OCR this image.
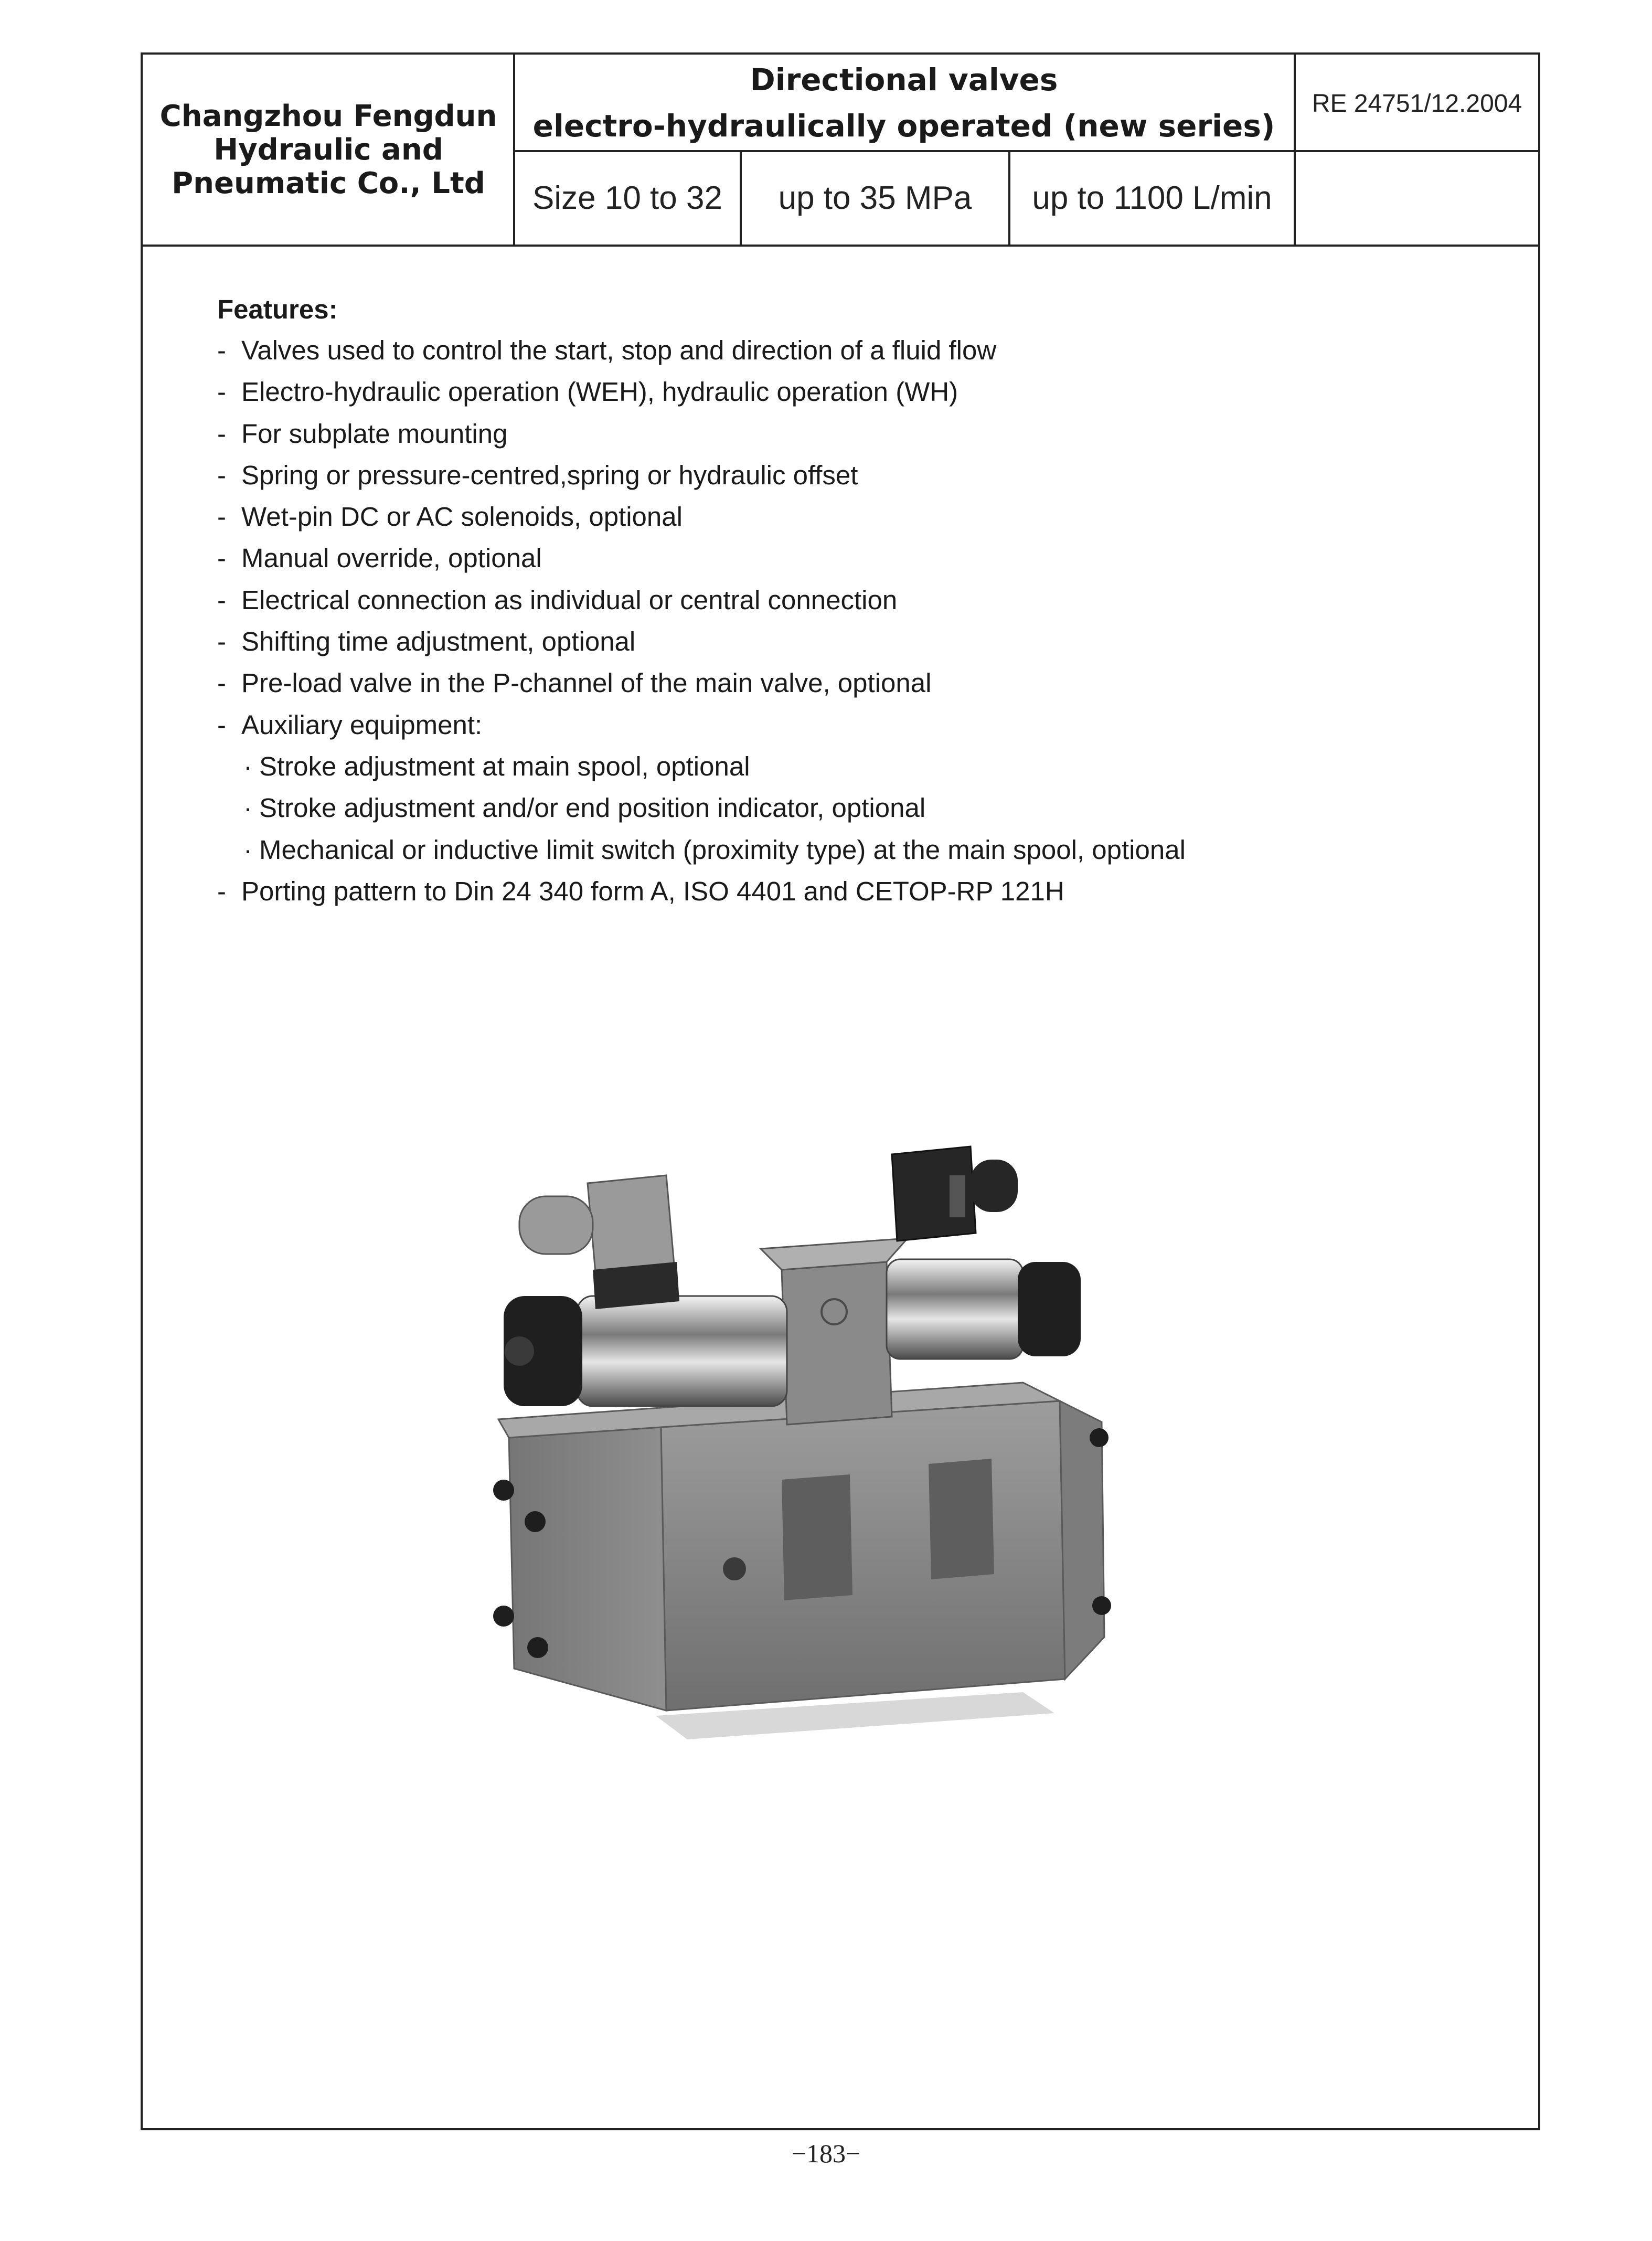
Changzhou Fengdun
Hydraulic and
Pneumatic Co., Ltd
Directional valves
electro-hydraulically operated (new series)
RE 24751/12.2004
Size 10 to 32	up to 35 MPa	up to 1100 L/min
Features:
- Valves used to control the start, stop and direction of a fluid flow
- Electro-hydraulic operation (WEH), hydraulic operation (WH)
- For subplate mounting
- Spring or pressure-centred,spring or hydraulic offset
- Wet-pin DC or AC solenoids, optional
- Manual override, optional
- Electrical connection as individual or central connection
- Shifting time adjustment, optional
- Pre-load valve in the P-channel of the main valve, optional
- Auxiliary equipment:
· Stroke adjustment at main spool, optional
· Stroke adjustment and/or end position indicator, optional
· Mechanical or inductive limit switch (proximity type) at the main spool, optional
- Porting pattern to Din 24 340 form A, ISO 4401 and CETOP-RP 121H
−183−
